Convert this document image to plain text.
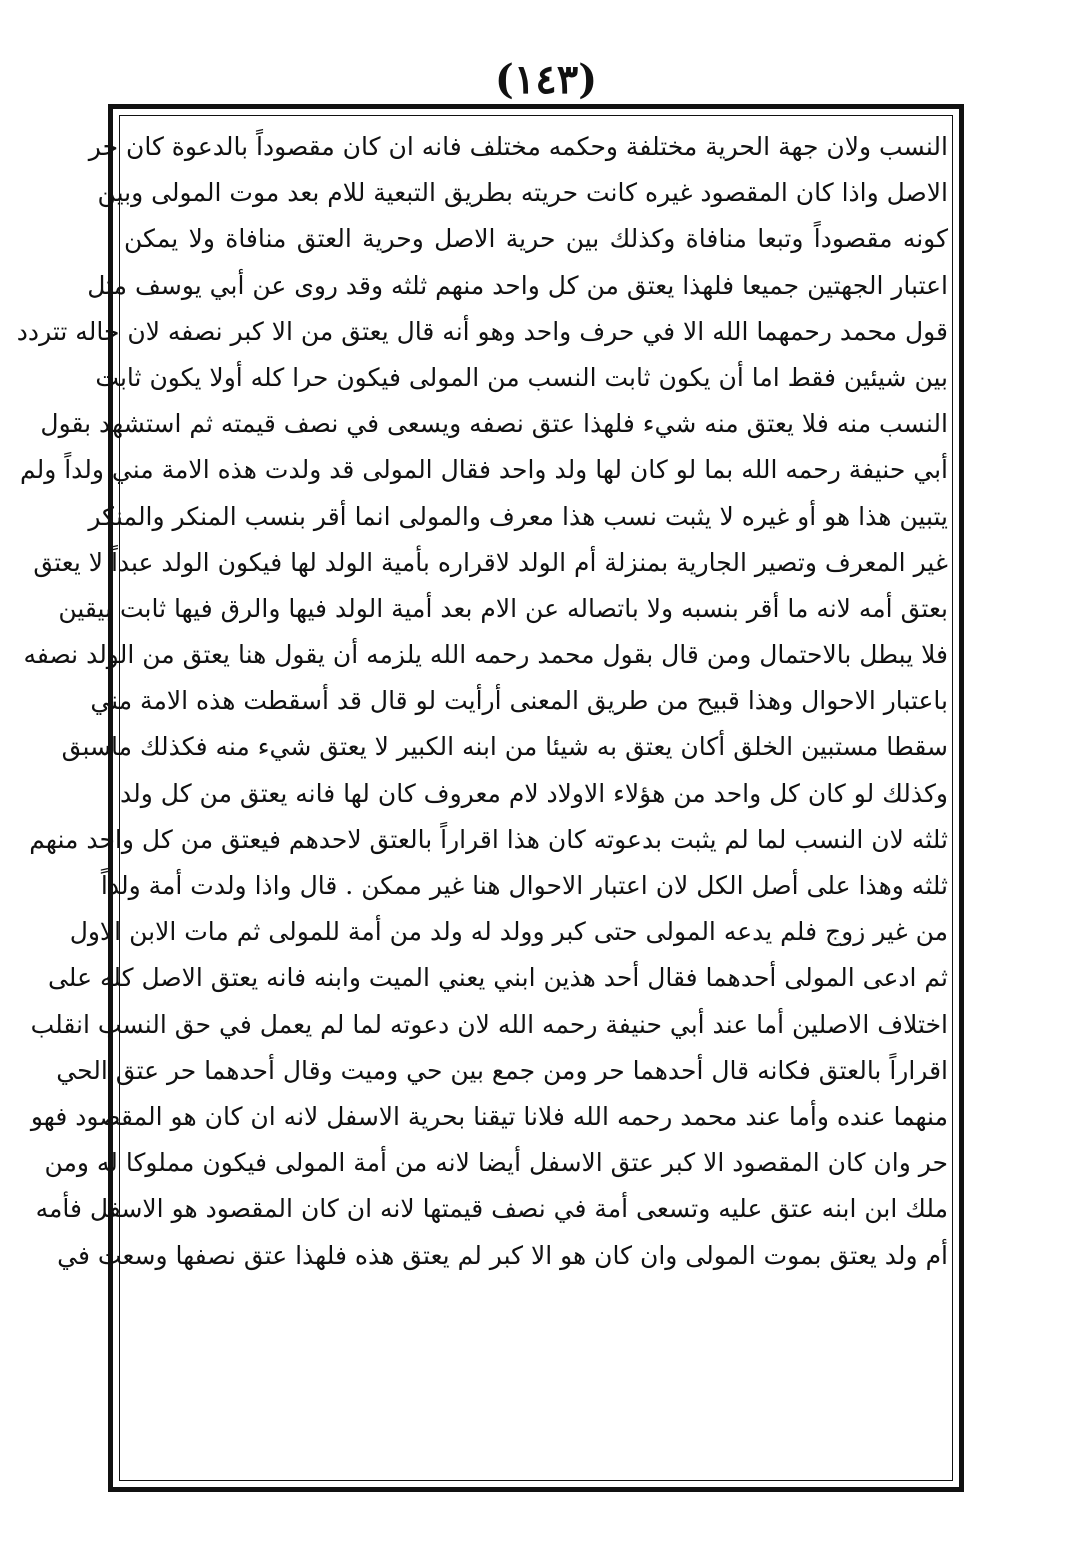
(١٤٣)
النسب ولان جهة الحرية مختلفة وحكمه مختلف فانه ان كان مقصوداً بالدعوة كان حر
الاصل واذا كان المقصود غيره كانت حريته بطريق التبعية للام بعد موت المولى وبين
كونه مقصوداً وتبعا منافاة وكذلك بين حرية الاصل وحرية العتق منافاة ولا يمكن
اعتبار الجهتين جميعا فلهذا يعتق من كل واحد منهم ثلثه وقد روى عن أبي يوسف مثل
قول محمد رحمهما الله الا في حرف واحد وهو أنه قال يعتق من الا كبر نصفه لان حاله تتردد
بين شيئين فقط اما أن يكون ثابت النسب من المولى فيكون حرا كله أولا يكون ثابت
النسب منه فلا يعتق منه شيء فلهذا عتق نصفه ويسعى في نصف قيمته ثم استشهد بقول
أبي حنيفة رحمه الله بما لو كان لها ولد واحد فقال المولى قد ولدت هذه الامة مني ولداً ولم
يتبين هذا هو أو غيره لا يثبت نسب هذا معرف والمولى انما أقر بنسب المنكر والمنكر
غير المعرف وتصير الجارية بمنزلة أم الولد لاقراره بأمية الولد لها فيكون الولد عبداً لا يعتق
بعتق أمه لانه ما أقر بنسبه ولا باتصاله عن الام بعد أمية الولد فيها والرق فيها ثابت بيقين
فلا يبطل بالاحتمال ومن قال بقول محمد رحمه الله يلزمه أن يقول هنا يعتق من الولد نصفه
باعتبار الاحوال وهذا قبيح من طريق المعنى أرأيت لو قال قد أسقطت هذه الامة مني
سقطا مستبين الخلق أكان يعتق به شيئا من ابنه الكبير لا يعتق شيء منه فكذلك ماسبق
وكذلك لو كان كل واحد من هؤلاء الاولاد لام معروف كان لها فانه يعتق من كل ولد
ثلثه لان النسب لما لم يثبت بدعوته كان هذا اقراراً بالعتق لاحدهم فيعتق من كل واحد منهم
ثلثه وهذا على أصل الكل لان اعتبار الاحوال هنا غير ممكن . قال واذا ولدت أمة ولداً
من غير زوج فلم يدعه المولى حتى كبر وولد له ولد من أمة للمولى ثم مات الابن الاول
ثم ادعى المولى أحدهما فقال أحد هذين ابني يعني الميت وابنه فانه يعتق الاصل كله على
اختلاف الاصلين أما عند أبي حنيفة رحمه الله لان دعوته لما لم يعمل في حق النسب انقلب
اقراراً بالعتق فكانه قال أحدهما حر ومن جمع بين حي وميت وقال أحدهما حر عتق الحي
منهما عنده وأما عند محمد رحمه الله فلانا تيقنا بحرية الاسفل لانه ان كان هو المقصود فهو
حر وان كان المقصود الا كبر عتق الاسفل أيضا لانه من أمة المولى فيكون مملوكا له ومن
ملك ابن ابنه عتق عليه وتسعى أمة في نصف قيمتها لانه ان كان المقصود هو الاسفل فأمه
أم ولد يعتق بموت المولى وان كان هو الا كبر لم يعتق هذه فلهذا عتق نصفها وسعت في
